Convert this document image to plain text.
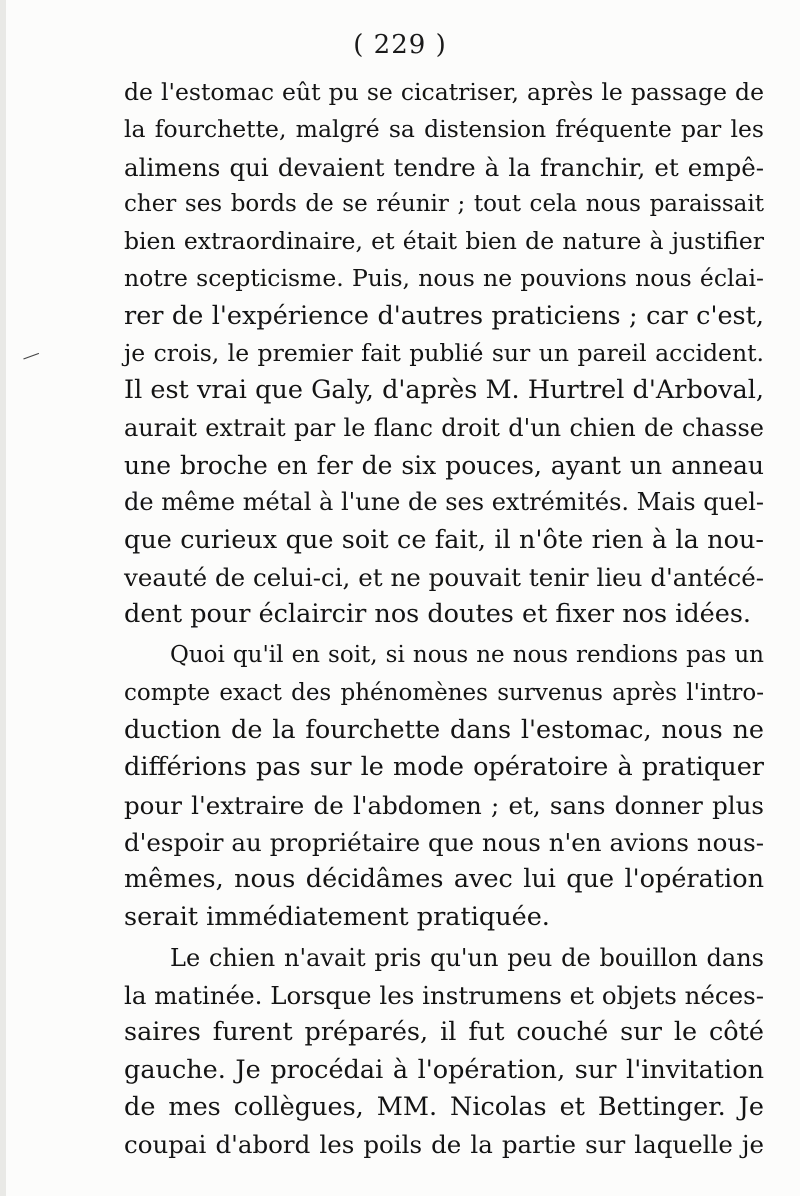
( 229 )
—
de l'estomac eût pu se cicatriser, après le passage de
la fourchette, malgré sa distension fréquente par les
alimens qui devaient tendre à la franchir, et empê-
cher ses bords de se réunir ; tout cela nous paraissait
bien extraordinaire, et était bien de nature à justifier
notre scepticisme. Puis, nous ne pouvions nous éclai-
rer de l'expérience d'autres praticiens ; car c'est,
je crois, le premier fait publié sur un pareil accident.
Il est vrai que Galy, d'après M. Hurtrel d'Arboval,
aurait extrait par le flanc droit d'un chien de chasse
une broche en fer de six pouces, ayant un anneau
de même métal à l'une de ses extrémités. Mais quel-
que curieux que soit ce fait, il n'ôte rien à la nou-
veauté de celui-ci, et ne pouvait tenir lieu d'antécé-
dent pour éclaircir nos doutes et fixer nos idées.
Quoi qu'il en soit, si nous ne nous rendions pas un
compte exact des phénomènes survenus après l'intro-
duction de la fourchette dans l'estomac, nous ne
différions pas sur le mode opératoire à pratiquer
pour l'extraire de l'abdomen ; et, sans donner plus
d'espoir au propriétaire que nous n'en avions nous-
mêmes, nous décidâmes avec lui que l'opération
serait immédiatement pratiquée.
Le chien n'avait pris qu'un peu de bouillon dans
la matinée. Lorsque les instrumens et objets néces-
saires furent préparés, il fut couché sur le côté
gauche. Je procédai à l'opération, sur l'invitation
de mes collègues, MM. Nicolas et Bettinger. Je
coupai d'abord les poils de la partie sur laquelle je
